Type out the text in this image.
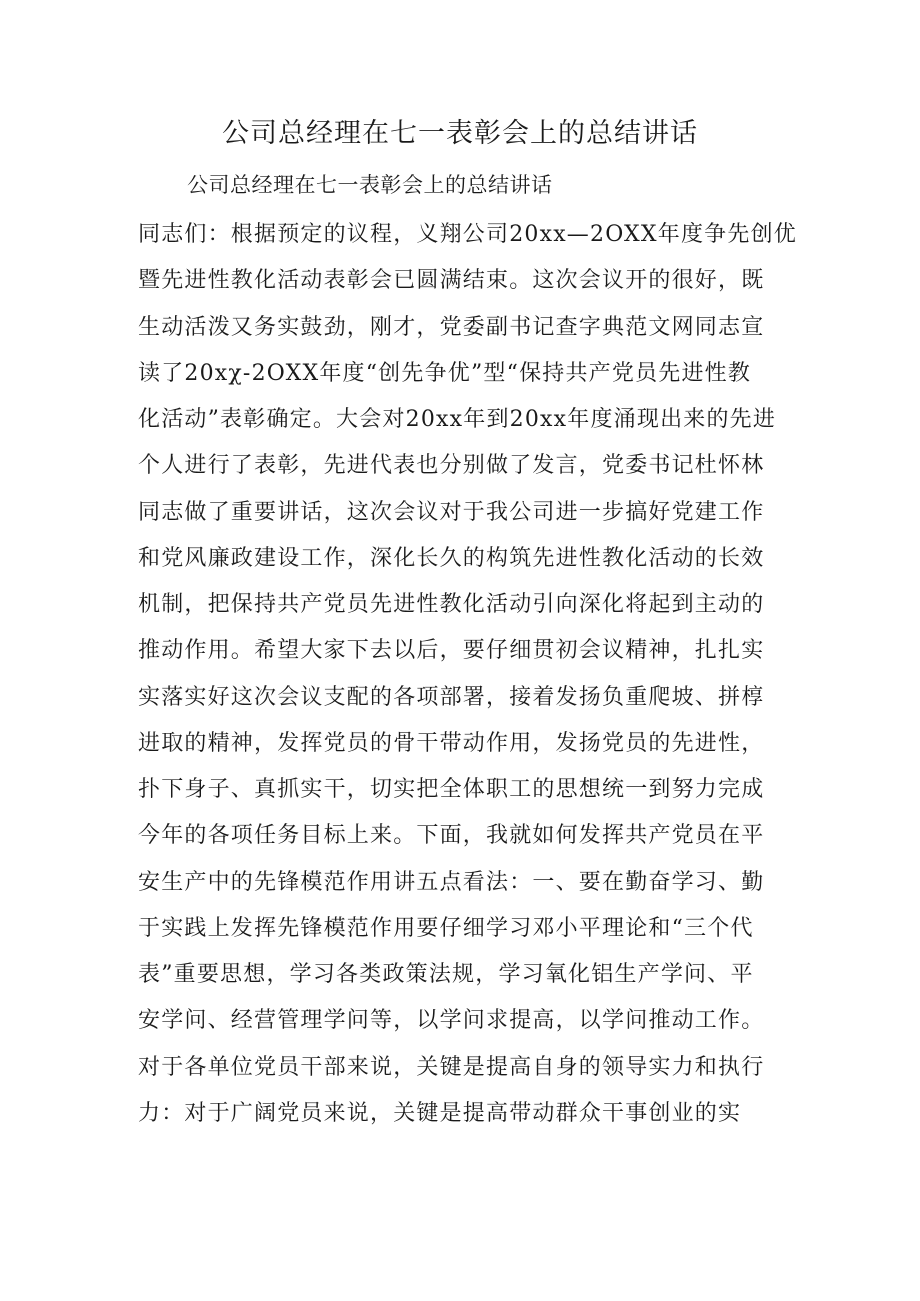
公司总经理在七一表彰会上的总结讲话
公司总经理在七一表彰会上的总结讲话
同志们：根据预定的议程，义翔公司20xx—2OXX年度争先创优
暨先进性教化活动表彰会已圆满结束。这次会议开的很好，既
生动活泼又务实鼓劲，刚才，党委副书记查字典范文网同志宣
读了20xχ-2OXX年度“创先争优”型“保持共产党员先进性教
化活动”表彰确定。大会对20xx年到20xx年度涌现出来的先进
个人进行了表彰，先进代表也分别做了发言，党委书记杜怀林
同志做了重要讲话，这次会议对于我公司进一步搞好党建工作
和党风廉政建设工作，深化长久的构筑先进性教化活动的长效
机制，把保持共产党员先进性教化活动引向深化将起到主动的
推动作用。希望大家下去以后，要仔细贯初会议精神，扎扎实
实落实好这次会议支配的各项部署，接着发扬负重爬坡、拼椁
进取的精神，发挥党员的骨干带动作用，发扬党员的先进性，
扑下身子、真抓实干，切实把全体职工的思想统一到努力完成
今年的各项任务目标上来。下面，我就如何发挥共产党员在平
安生产中的先锋模范作用讲五点看法：一、要在勤奋学习、勤
于实践上发挥先锋模范作用要仔细学习邓小平理论和“三个代
表”重要思想，学习各类政策法规，学习氧化铝生产学问、平
安学问、经营管理学问等，以学问求提高，以学问推动工作。
对于各单位党员干部来说，关键是提高自身的领导实力和执行
力：对于广阔党员来说，关键是提高带动群众干事创业的实
